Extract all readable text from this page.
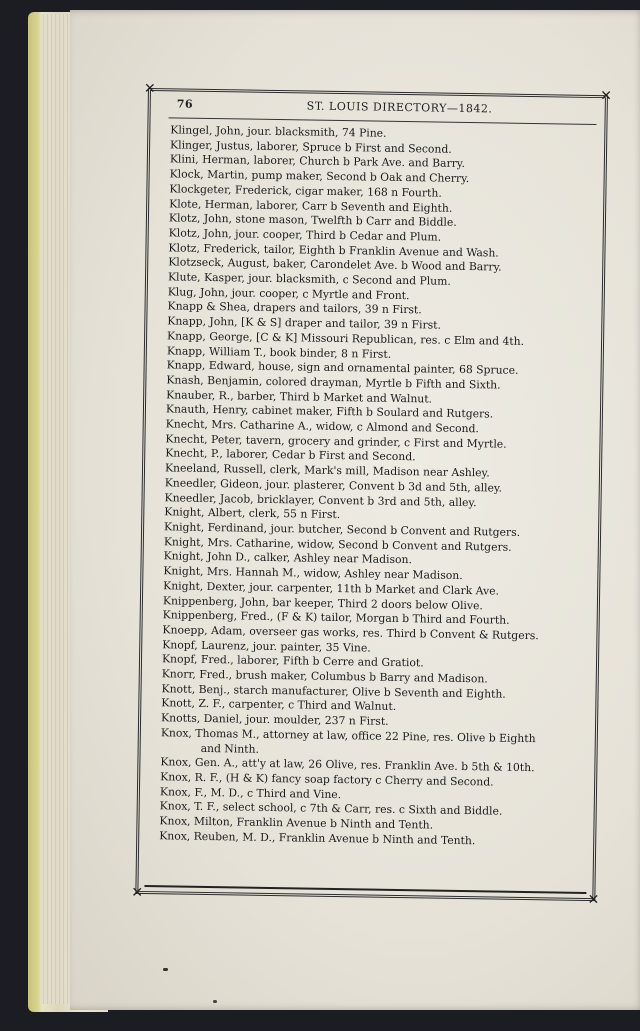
✕	✕
✕	✕
76	ST. LOUIS DIRECTORY—1842.
Klingel, John, jour. blacksmith, 74 Pine.
Klinger, Justus, laborer, Spruce b First and Second.
Klini, Herman, laborer, Church b Park Ave. and Barry.
Klock, Martin, pump maker, Second b Oak and Cherry.
Klockgeter, Frederick, cigar maker, 168 n Fourth.
Klote, Herman, laborer, Carr b Seventh and Eighth.
Klotz, John, stone mason, Twelfth b Carr and Biddle.
Klotz, John, jour. cooper, Third b Cedar and Plum.
Klotz, Frederick, tailor, Eighth b Franklin Avenue and Wash.
Klotzseck, August, baker, Carondelet Ave. b Wood and Barry.
Klute, Kasper, jour. blacksmith, c Second and Plum.
Klug, John, jour. cooper, c Myrtle and Front.
Knapp & Shea, drapers and tailors, 39 n First.
Knapp, John, [K & S] draper and tailor, 39 n First.
Knapp, George, [C & K] Missouri Republican, res. c Elm and 4th.
Knapp, William T., book binder, 8 n First.
Knapp, Edward, house, sign and ornamental painter, 68 Spruce.
Knash, Benjamin, colored drayman, Myrtle b Fifth and Sixth.
Knauber, R., barber, Third b Market and Walnut.
Knauth, Henry, cabinet maker, Fifth b Soulard and Rutgers.
Knecht, Mrs. Catharine A., widow, c Almond and Second.
Knecht, Peter, tavern, grocery and grinder, c First and Myrtle.
Knecht, P., laborer, Cedar b First and Second.
Kneeland, Russell, clerk, Mark's mill, Madison near Ashley.
Kneedler, Gideon, jour. plasterer, Convent b 3d and 5th, alley.
Kneedler, Jacob, bricklayer, Convent b 3rd and 5th, alley.
Knight, Albert, clerk, 55 n First.
Knight, Ferdinand, jour. butcher, Second b Convent and Rutgers.
Knight, Mrs. Catharine, widow, Second b Convent and Rutgers.
Knight, John D., calker, Ashley near Madison.
Knight, Mrs. Hannah M., widow, Ashley near Madison.
Knight, Dexter, jour. carpenter, 11th b Market and Clark Ave.
Knippenberg, John, bar keeper, Third 2 doors below Olive.
Knippenberg, Fred., (F & K) tailor, Morgan b Third and Fourth.
Knoepp, Adam, overseer gas works, res. Third b Convent & Rutgers.
Knopf, Laurenz, jour. painter, 35 Vine.
Knopf, Fred., laborer, Fifth b Cerre and Gratiot.
Knorr, Fred., brush maker, Columbus b Barry and Madison.
Knott, Benj., starch manufacturer, Olive b Seventh and Eighth.
Knott, Z. F., carpenter, c Third and Walnut.
Knotts, Daniel, jour. moulder, 237 n First.
Knox, Thomas M., attorney at law, office 22 Pine, res. Olive b Eighth
and Ninth.
Knox, Gen. A., att'y at law, 26 Olive, res. Franklin Ave. b 5th & 10th.
Knox, R. F., (H & K) fancy soap factory c Cherry and Second.
Knox, F., M. D., c Third and Vine.
Knox, T. F., select school, c 7th & Carr, res. c Sixth and Biddle.
Knox, Milton, Franklin Avenue b Ninth and Tenth.
Knox, Reuben, M. D., Franklin Avenue b Ninth and Tenth.
